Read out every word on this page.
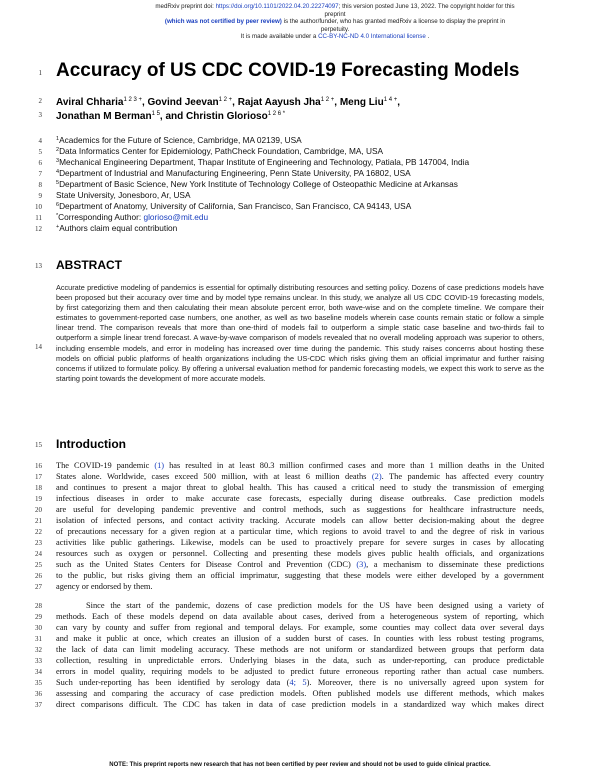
medRxiv preprint doi: https://doi.org/10.1101/2022.04.20.22274097; this version posted June 13, 2022. The copyright holder for this preprint
(which was not certified by peer review) is the author/funder, who has granted medRxiv a license to display the preprint in perpetuity.
It is made available under a CC-BY-NC-ND 4.0 International license .
1
2
3
4
5
6
7
8
9
10
11
12
13
14
15
16
17
18
19
20
21
22
23
24
25
26
27
28
29
30
31
32
33
34
35
36
37
Accuracy of US CDC COVID-19 Forecasting Models
Aviral Chharia$^{1 2 3 +}$, Govind Jeevan$^{1 2 +}$, Rajat Aayush Jha$^{1 2 +}$, Meng Liu$^{1 4 +}$,
Jonathan M Berman$^{1 5}$, and Christin Glorioso$^{1 2 6 *}$
$^1$Academics for the Future of Science, Cambridge, MA 02139, USA
$^2$Data Informatics Center for Epidemiology, PathCheck Foundation, Cambridge, MA, USA
$^3$Mechanical Engineering Department, Thapar Institute of Engineering and Technology, Patiala, PB 147004, India
$^4$Department of Industrial and Manufacturing Engineering, Penn State University, PA 16802, USA
$^5$Department of Basic Science, New York Institute of Technology College of Osteopathic Medicine at Arkansas
State University, Jonesboro, Ar, USA
$^6$Department of Anatomy, University of California, San Francisco, San Francisco, CA 94143, USA
*Corresponding Author: glorioso@mit.edu
+Authors claim equal contribution
ABSTRACT

Accurate predictive modeling of pandemics is essential for optimally distributing resources and setting policy. Dozens of case predictions models have been proposed but their accuracy over time and by model type remains unclear. In this study, we analyze all US CDC COVID-19 forecasting models, by first categorizing them and then calculating their mean absolute percent error, both wave-wise and on the complete timeline. We compare their estimates to government-reported case numbers, one another, as well as two baseline models wherein case counts remain static or follow a simple linear trend. The comparison reveals that more than one-third of models fail to outperform a simple static case baseline and two-thirds fail to outperform a simple linear trend forecast. A wave-by-wave comparison of models revealed that no overall modeling approach was superior to others, including ensemble models, and error in modeling has increased over time during the pandemic. This study raises concerns about hosting these models on official public platforms of health organizations including the US-CDC which risks giving them an official imprimatur and further raising concerns if utilized to formulate policy. By offering a universal evaluation method for pandemic forecasting models, we expect this work to serve as the starting point towards the development of more accurate models.

Introduction
The COVID-19 pandemic (1) has resulted in at least 80.3 million confirmed cases and more than 1 million deaths in the United
States alone. Worldwide, cases exceed 500 million, with at least 6 million deaths (2). The pandemic has affected every country
and continues to present a major threat to global health. This has caused a critical need to study the transmission of emerging
infectious diseases in order to make accurate case forecasts, especially during disease outbreaks. Case prediction models
are useful for developing pandemic preventive and control methods, such as suggestions for healthcare infrastructure needs,
isolation of infected persons, and contact activity tracking. Accurate models can allow better decision-making about the degree
of precautions necessary for a given region at a particular time, which regions to avoid travel to and the degree of risk in various
activities like public gatherings. Likewise, models can be used to proactively prepare for severe surges in cases by allocating
resources such as oxygen or personnel. Collecting and presenting these models gives public health officials, and organizations
such as the United States Centers for Disease Control and Prevention (CDC) (3), a mechanism to disseminate these predictions
to the public, but risks giving them an official imprimatur, suggesting that these models were either developed by a government
agency or endorsed by them.
Since the start of the pandemic, dozens of case prediction models for the US have been designed using a variety of
methods. Each of these models depend on data available about cases, derived from a heterogeneous system of reporting, which
can vary by county and suffer from regional and temporal delays. For example, some counties may collect data over several days
and make it public at once, which creates an illusion of a sudden burst of cases. In counties with less robust testing programs,
the lack of data can limit modeling accuracy. These methods are not uniform or standardized between groups that perform data
collection, resulting in unpredictable errors. Underlying biases in the data, such as under-reporting, can produce predictable
errors in model quality, requiring models to be adjusted to predict future erroneous reporting rather than actual case numbers.
Such under-reporting has been identified by serology data (4; 5). Moreover, there is no universally agreed upon system for
assessing and comparing the accuracy of case prediction models. Often published models use different methods, which makes
direct comparisons difficult. The CDC has taken in data of case prediction models in a standardized way which makes direct
NOTE: This preprint reports new research that has not been certified by peer review and should not be used to guide clinical practice.
